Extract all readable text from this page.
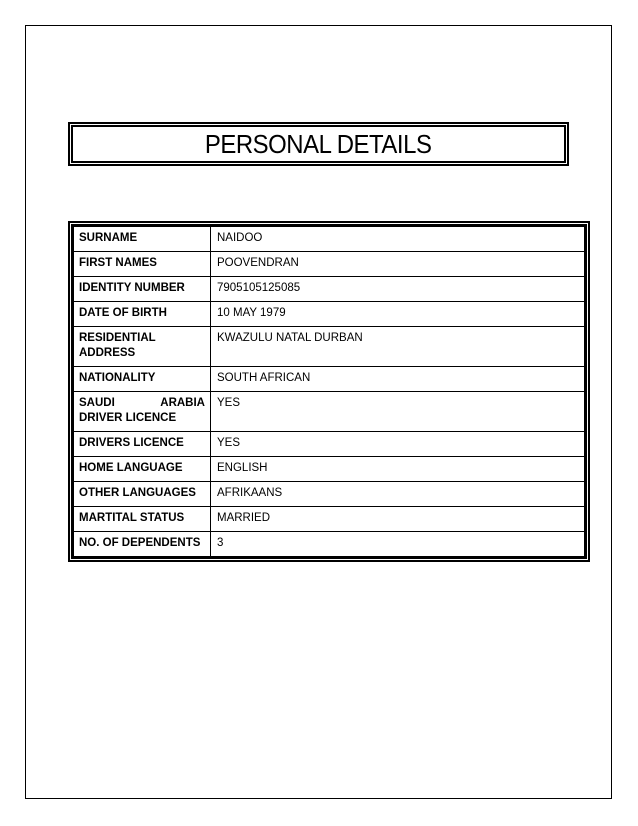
PERSONAL DETAILS
SURNAME	NAIDOO
FIRST NAMES	POOVENDRAN
IDENTITY NUMBER	7905105125085
DATE OF BIRTH	10 MAY 1979
RESIDENTIAL ADDRESS	KWAZULU NATAL DURBAN
NATIONALITY	SOUTH AFRICAN
SAUDI ARABIA DRIVER LICENCE	YES
DRIVERS LICENCE	YES
HOME LANGUAGE	ENGLISH
OTHER LANGUAGES	AFRIKAANS
MARTITAL STATUS	MARRIED
NO. OF DEPENDENTS	3
